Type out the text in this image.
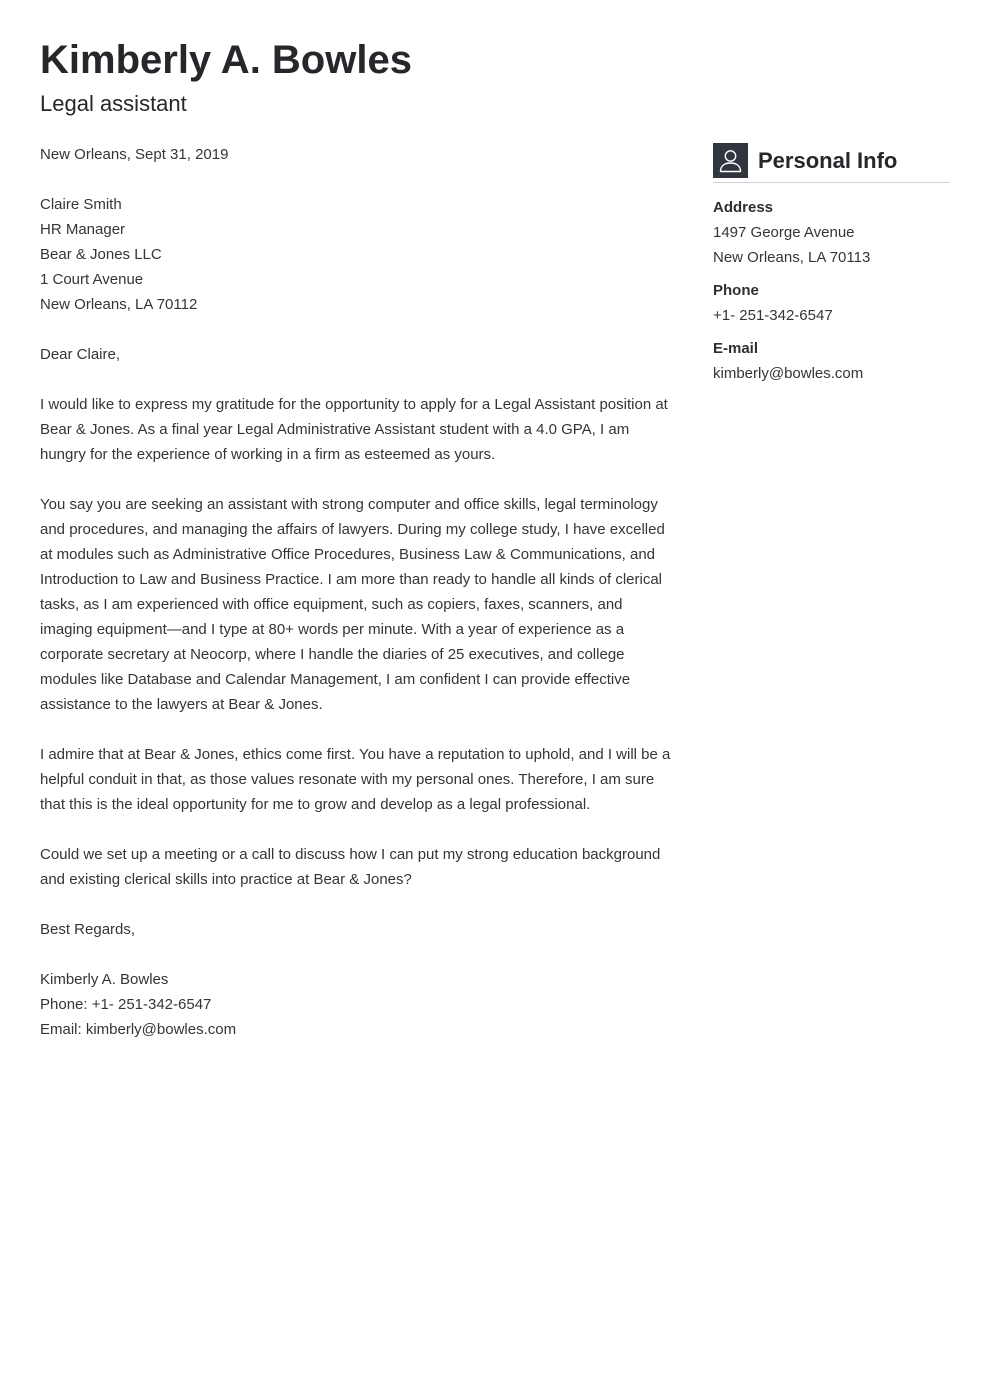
Kimberly A. Bowles
Legal assistant
New Orleans, Sept 31, 2019
Claire Smith
HR Manager
Bear & Jones LLC
1 Court Avenue
New Orleans, LA 70112
Dear Claire,

I would like to express my gratitude for the opportunity to apply for a Legal Assistant position at Bear & Jones. As a final year Legal Administrative Assistant student with a 4.0 GPA, I am hungry for the experience of working in a firm as esteemed as yours.

You say you are seeking an assistant with strong computer and office skills, legal terminology and procedures, and managing the affairs of lawyers. During my college study, I have excelled at modules such as Administrative Office Procedures, Business Law & Communications, and Introduction to Law and Business Practice. I am more than ready to handle all kinds of clerical tasks, as I am experienced with office equipment, such as copiers, faxes, scanners, and imaging equipment—and I type at 80+ words per minute. With a year of experience as a corporate secretary at Neocorp, where I handle the diaries of 25 executives, and college modules like Database and Calendar Management, I am confident I can provide effective assistance to the lawyers at Bear & Jones.

I admire that at Bear & Jones, ethics come first. You have a reputation to uphold, and I will be a helpful conduit in that, as those values resonate with my personal ones. Therefore, I am sure that this is the ideal opportunity for me to grow and develop as a legal professional.

Could we set up a meeting or a call to discuss how I can put my strong education background and existing clerical skills into practice at Bear & Jones?

Best Regards,
Kimberly A. Bowles
Phone: +1- 251-342-6547
Email: kimberly@bowles.com
Personal Info
Address
1497 George Avenue
New Orleans, LA 70113
Phone
+1- 251-342-6547
E-mail
kimberly@bowles.com
